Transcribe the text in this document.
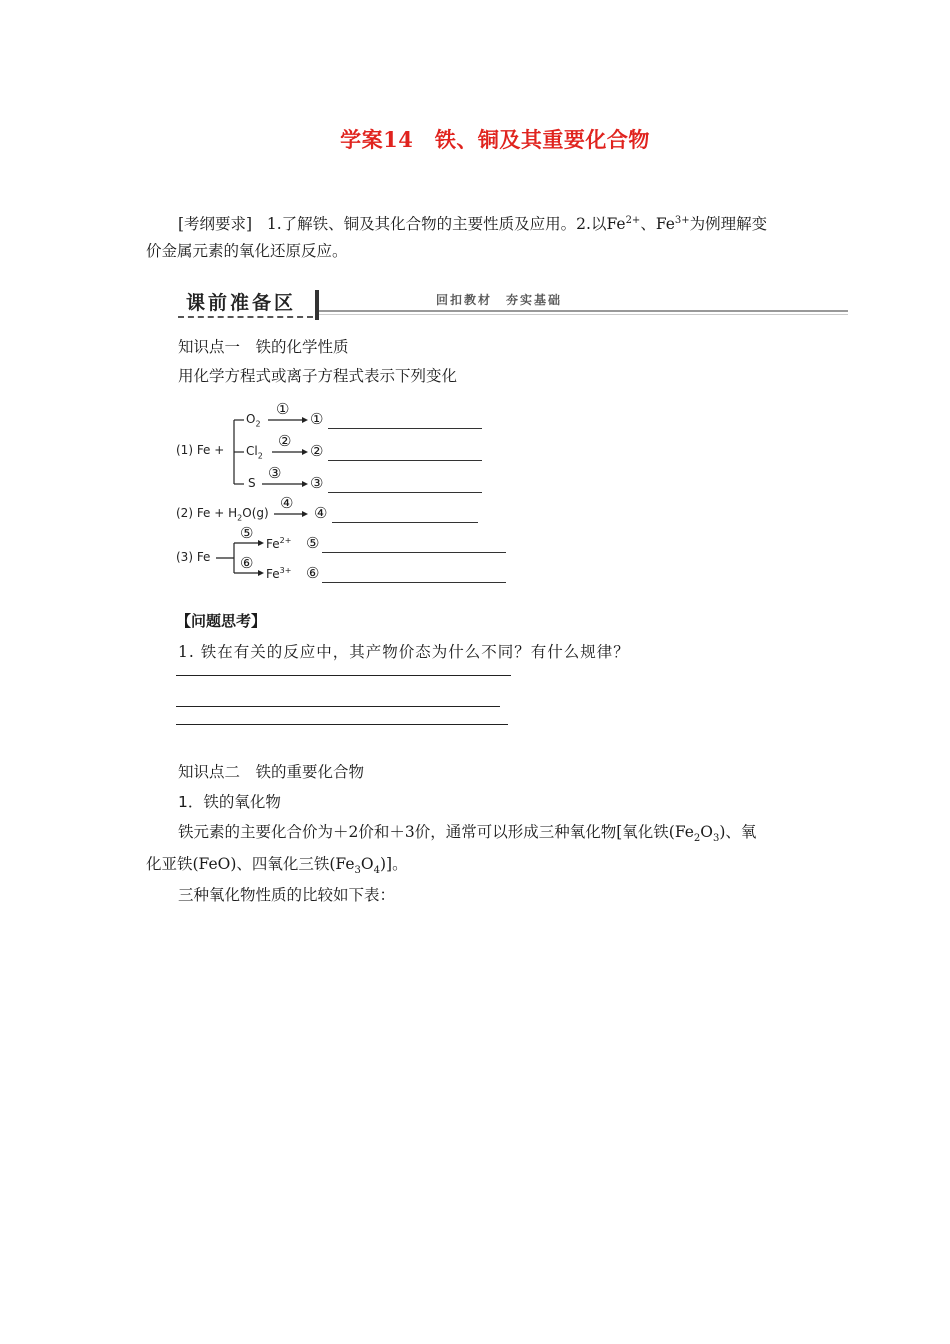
学案14　铁、铜及其重要化合物
[考纲要求] 1.了解铁、铜及其化合物的主要性质及应用。2.以$Fe^{2+}$、$Fe^{3+}$为例理解变
价金属元素的氧化还原反应。
课前准备区	回扣教材　夯实基础
知识点一　铁的化学性质
用化学方程式或离子方程式表示下列变化
(1) Fe +
$O_2$
$Cl_2$
S
①
②
③
④
⑤
⑥
①
②
③
(2) $Fe + H_2O(g)$	④
(3) Fe
$Fe^{2+}$
$Fe^{3+}$
⑤
⑥
【问题思考】
1. 铁在有关的反应中，其产物价态为什么不同？有什么规律？
知识点二　铁的重要化合物
1．铁的氧化物
铁元素的主要化合价为＋2价和＋3价，通常可以形成三种氧化物[氧化铁$(Fe_2O_3)$、氧
化亚铁(FeO)、四氧化三铁$(Fe_3O_4)$]。
三种氧化物性质的比较如下表：
